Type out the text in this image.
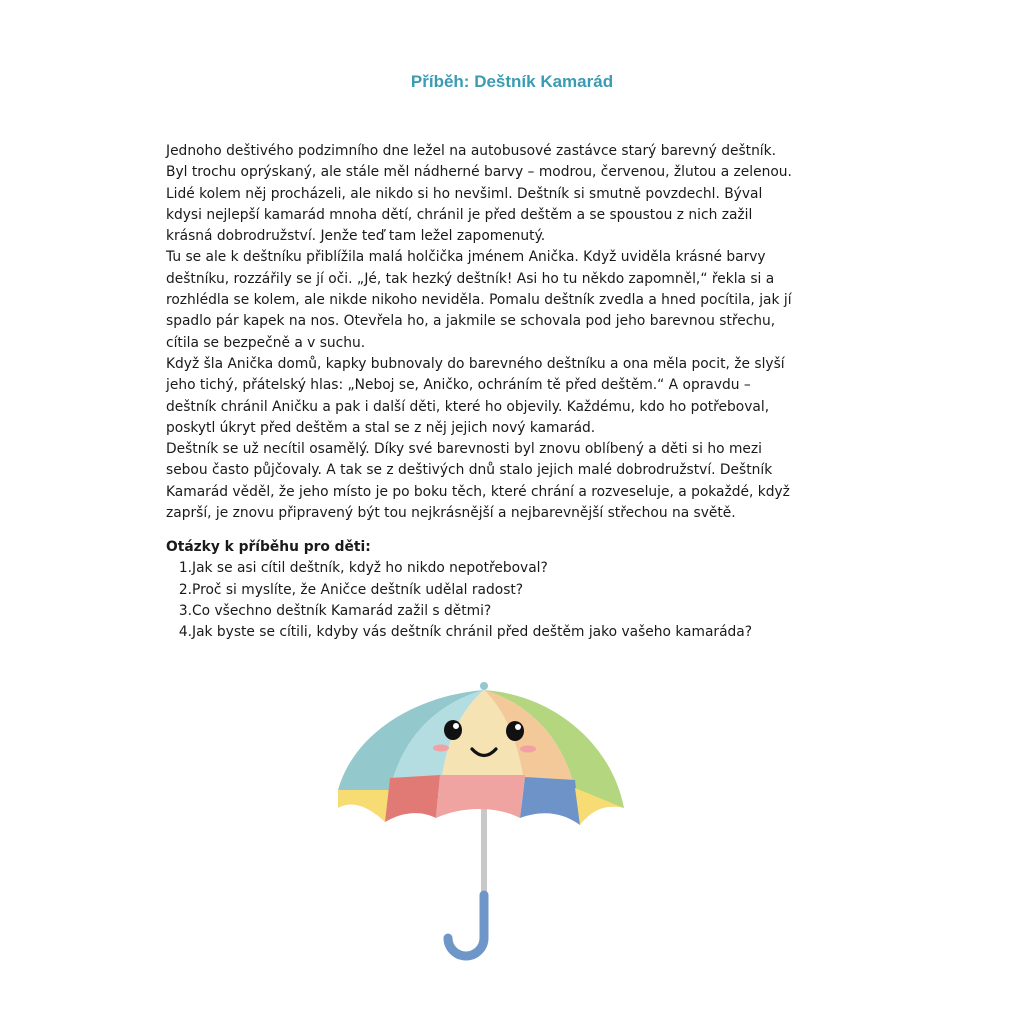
Příběh: Deštník Kamarád

Jednoho deštivého podzimního dne ležel na autobusové zastávce starý barevný deštník.

Byl trochu oprýskaný, ale stále měl nádherné barvy – modrou, červenou, žlutou a zelenou.

Lidé kolem něj procházeli, ale nikdo si ho nevšiml. Deštník si smutně povzdechl. Býval

kdysi nejlepší kamarád mnoha dětí, chránil je před deštěm a se spoustou z nich zažil

krásná dobrodružství. Jenže teď tam ležel zapomenutý.

Tu se ale k deštníku přiblížila malá holčička jménem Anička. Když uviděla krásné barvy

deštníku, rozzářily se jí oči. „Jé, tak hezký deštník! Asi ho tu někdo zapomněl,“ řekla si a

rozhlédla se kolem, ale nikde nikoho neviděla. Pomalu deštník zvedla a hned pocítila, jak jí

spadlo pár kapek na nos. Otevřela ho, a jakmile se schovala pod jeho barevnou střechu,

cítila se bezpečně a v suchu.

Když šla Anička domů, kapky bubnovaly do barevného deštníku a ona měla pocit, že slyší

jeho tichý, přátelský hlas: „Neboj se, Aničko, ochráním tě před deštěm.“ A opravdu –

deštník chránil Aničku a pak i další děti, které ho objevily. Každému, kdo ho potřeboval,

poskytl úkryt před deštěm a stal se z něj jejich nový kamarád.

Deštník se už necítil osamělý. Díky své barevnosti byl znovu oblíbený a děti si ho mezi

sebou často půjčovaly. A tak se z deštivých dnů stalo jejich malé dobrodružství. Deštník

Kamarád věděl, že jeho místo je po boku těch, které chrání a rozveseluje, a pokaždé, když

zaprší, je znovu připravený být tou nejkrásnější a nejbarevnější střechou na světě.

Otázky k příběhu pro děti:

1.Jak se asi cítil deštník, když ho nikdo nepotřeboval?
2.Proč si myslíte, že Aničce deštník udělal radost?
3.Co všechno deštník Kamarád zažil s dětmi?
4.Jak byste se cítili, kdyby vás deštník chránil před deštěm jako vašeho kamaráda?
